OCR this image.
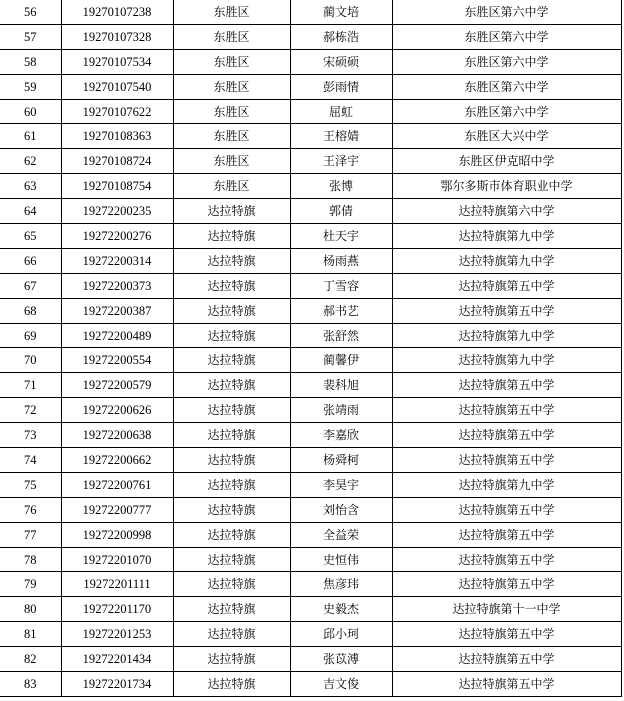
56	19270107238	东胜区	蔺文培	东胜区第六中学
57	19270107328	东胜区	郝栋浩	东胜区第六中学
58	19270107534	东胜区	宋硕硕	东胜区第六中学
59	19270107540	东胜区	彭雨情	东胜区第六中学
60	19270107622	东胜区	屈虹	东胜区第六中学
61	19270108363	东胜区	王榕婧	东胜区大兴中学
62	19270108724	东胜区	王泽宇	东胜区伊克昭中学
63	19270108754	东胜区	张博	鄂尔多斯市体育职业中学
64	19272200235	达拉特旗	郭倩	达拉特旗第六中学
65	19272200276	达拉特旗	杜天宇	达拉特旗第九中学
66	19272200314	达拉特旗	杨雨燕	达拉特旗第九中学
67	19272200373	达拉特旗	丁雪容	达拉特旗第五中学
68	19272200387	达拉特旗	郝书艺	达拉特旗第五中学
69	19272200489	达拉特旗	张舒然	达拉特旗第九中学
70	19272200554	达拉特旗	蔺馨伊	达拉特旗第九中学
71	19272200579	达拉特旗	裴科旭	达拉特旗第五中学
72	19272200626	达拉特旗	张靖雨	达拉特旗第五中学
73	19272200638	达拉特旗	李嘉欣	达拉特旗第五中学
74	19272200662	达拉特旗	杨舜柯	达拉特旗第五中学
75	19272200761	达拉特旗	李昊宇	达拉特旗第九中学
76	19272200777	达拉特旗	刘怡含	达拉特旗第五中学
77	19272200998	达拉特旗	全益荣	达拉特旗第五中学
78	19272201070	达拉特旗	史恒伟	达拉特旗第五中学
79	19272201111	达拉特旗	焦彦玮	达拉特旗第五中学
80	19272201170	达拉特旗	史毅杰	达拉特旗第十一中学
81	19272201253	达拉特旗	邱小珂	达拉特旗第五中学
82	19272201434	达拉特旗	张苡溥	达拉特旗第五中学
83	19272201734	达拉特旗	吉文俊	达拉特旗第五中学
